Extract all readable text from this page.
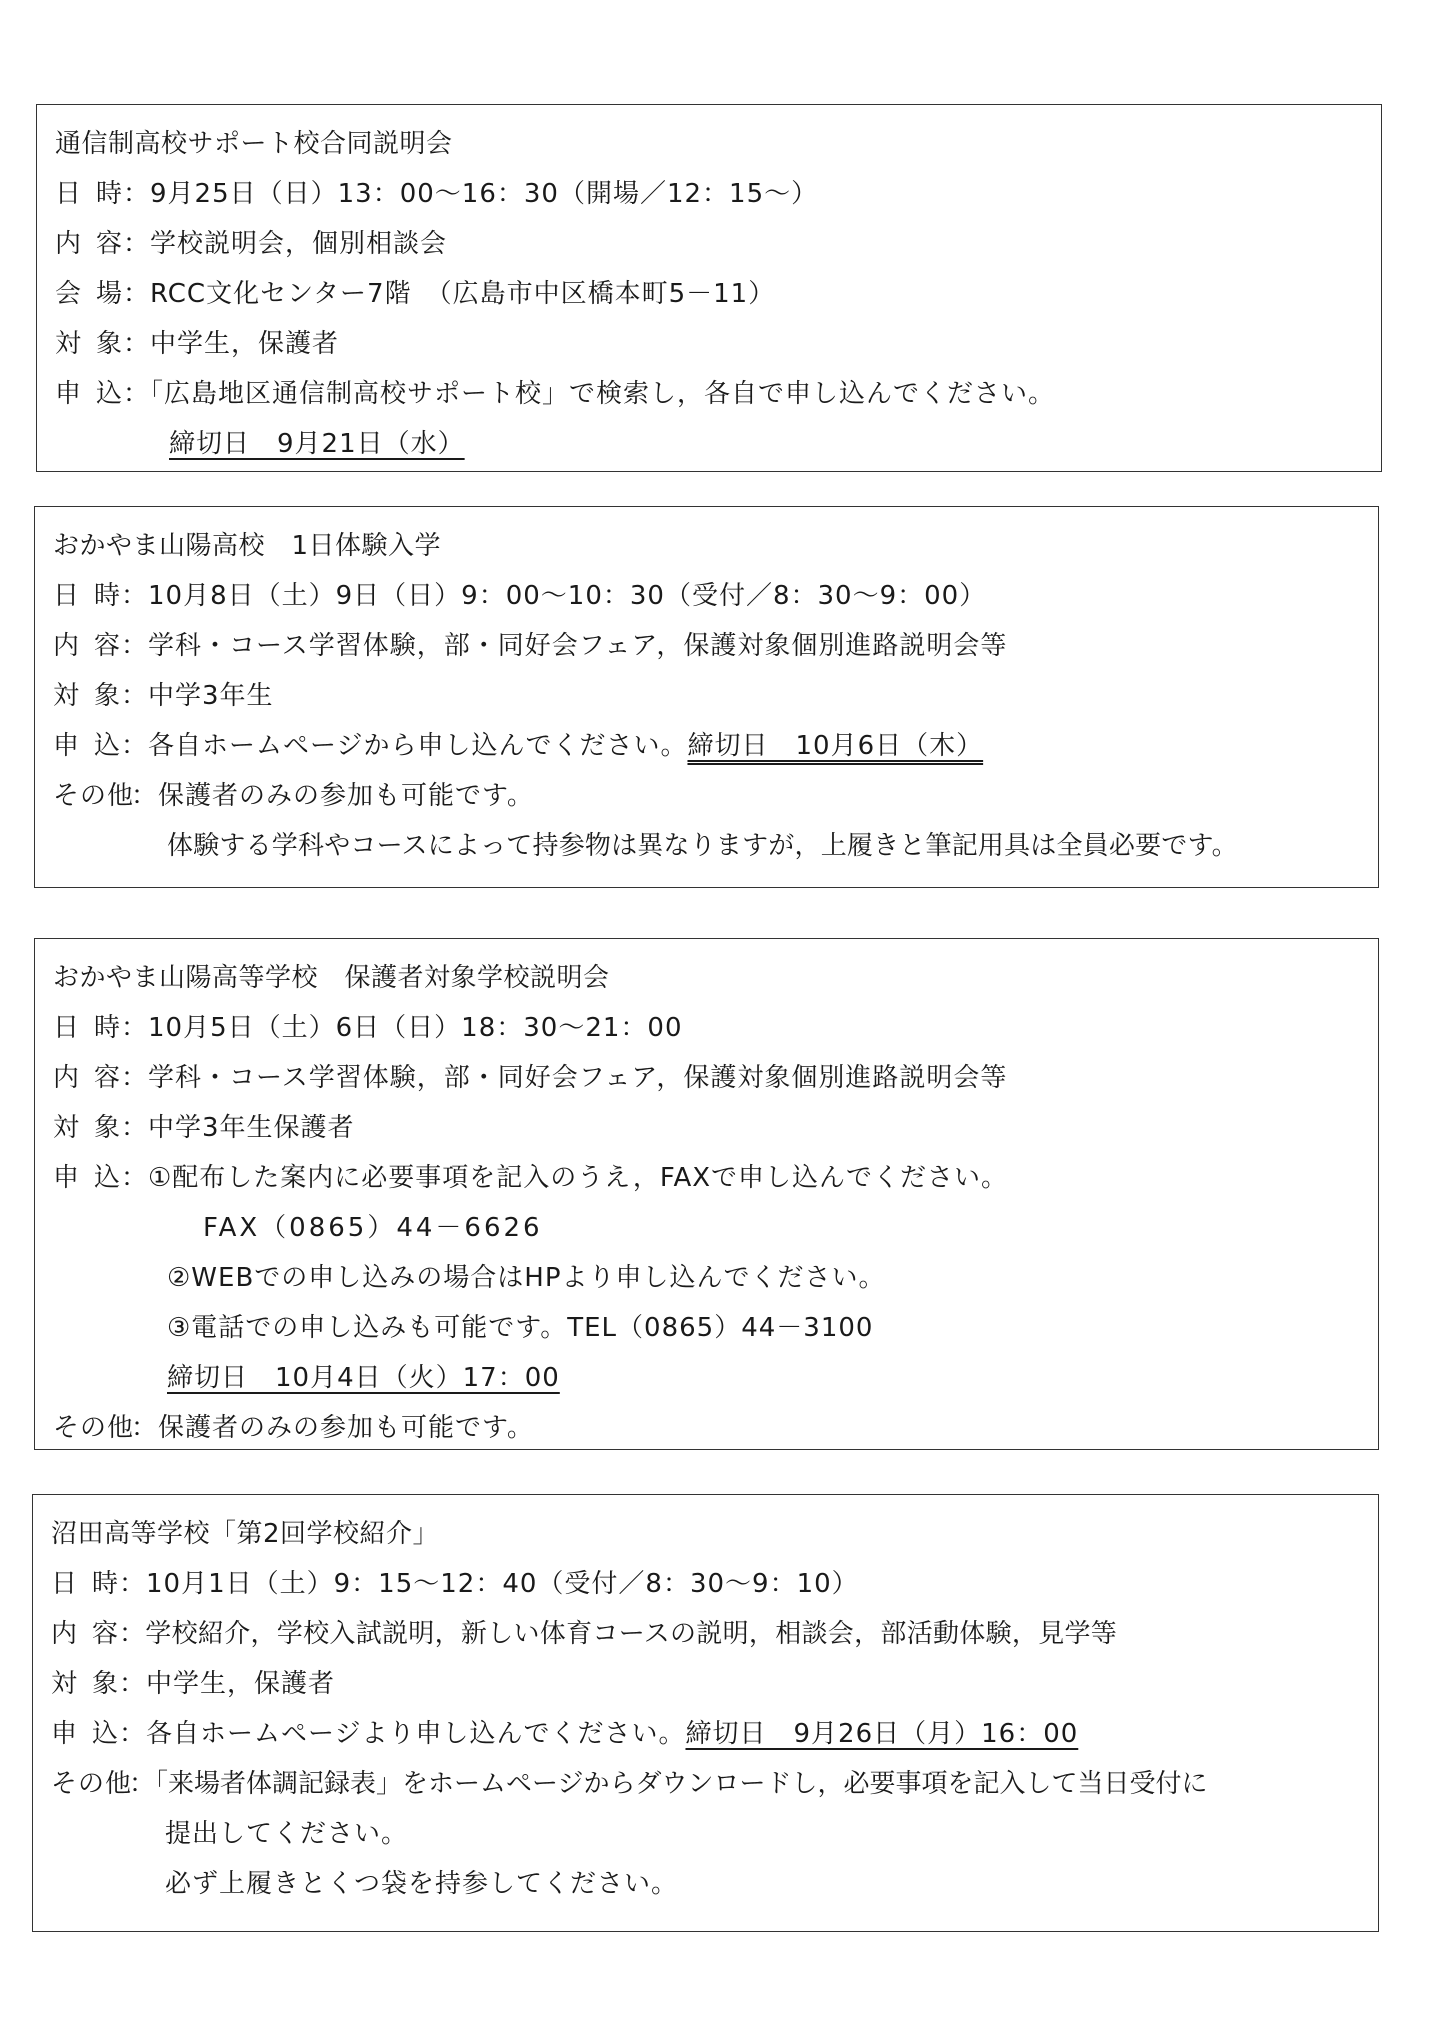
通信制高校サポート校合同説明会
日 時 ：9月25日（日）13：00～16：30（開場／12：15～）
内 容 ：学校説明会，個別相談会
会 場 ：RCC文化センター7階　（広島市中区橋本町5－11）
対 象 ：中学生，保護者
申 込 ：「広島地区通信制高校サポート校」で検索し，各自で申し込んでください。
締切日　9月21日（水）
おかやま山陽高校　1日体験入学
日 時 ：10月8日（土）9日（日）9：00～10：30（受付／8：30～9：00）
内 容 ：学科・コース学習体験，部・同好会フェア，保護対象個別進路説明会等
対 象 ：中学3年生
申 込 ：各自ホームページから申し込んでください。締切日　10月6日（木）
その他
：保護者のみの参加も可能です。
体験する学科やコースによって持参物は異なりますが，上履きと筆記用具は全員必要です。
おかやま山陽高等学校　保護者対象学校説明会
日 時 ：10月5日（土）6日（日）18：30～21：00
内 容 ：学科・コース学習体験，部・同好会フェア，保護対象個別進路説明会等
対 象 ：中学3年生保護者
申 込 ：①配布した案内に必要事項を記入のうえ，FAXで申し込んでください。
FAX（0865）44－6626
②WEBでの申し込みの場合はHPより申し込んでください。
③電話での申し込みも可能です。TEL（0865）44－3100
締切日　10月4日（火）17：00
その他
：保護者のみの参加も可能です。
沼田高等学校「第2回学校紹介」
日 時 ：10月1日（土）9：15～12：40（受付／8：30～9：10）
内 容 ：学校紹介，学校入試説明，新しい体育コースの説明，相談会，部活動体験，見学等
対 象 ：中学生，保護者
申 込 ：各自ホームページより申し込んでください。締切日　9月26日（月）16：00
その他
：「来場者体調記録表」をホームページからダウンロードし，必要事項を記入して当日受付に
提出してください。
必ず上履きとくつ袋を持参してください。
